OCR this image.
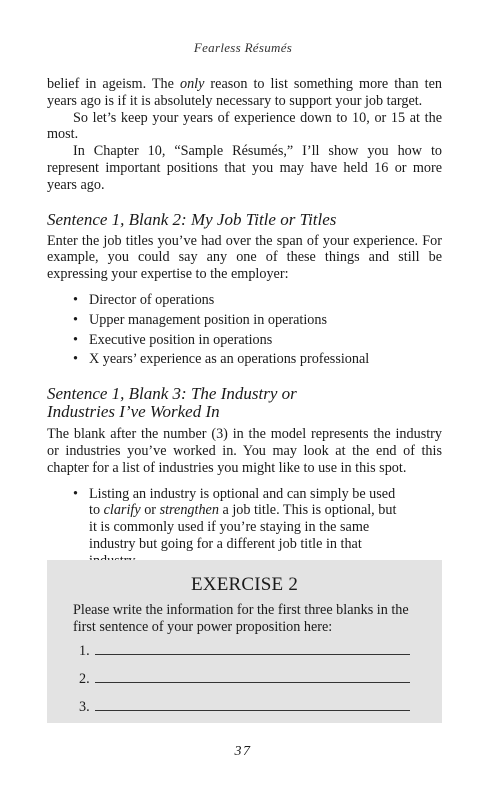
Fearless Résumés

belief in ageism. The only reason to list something more than ten years ago is if it is absolutely necessary to support your job target.

So let’s keep your years of experience down to 10, or 15 at the most.

In Chapter 10, “Sample Résumés,” I’ll show you how to represent important positions that you may have held 16 or more years ago.

Sentence 1, Blank 2: My Job Title or Titles

Enter the job titles you’ve had over the span of your experience. For example, you could say any one of these things and still be expressing your expertise to the employer:

• Director of operations
• Upper management position in operations
• Executive position in operations
• X years’ experience as an operations professional
Sentence 1, Blank 3: The Industry or
Industries I’ve Worked In

The blank after the number (3) in the model represents the industry or industries you’ve worked in. You may look at the end of this chapter for a list of industries you might like to use in this spot.

• Listing an industry is optional and can simply be used to clarify or strengthen a job title. This is optional, but it is commonly used if you’re staying in the same industry but going for a different job title in that
EXERCISE 2
Please write the information for the first three blanks in the first sentence of your power proposition here:
1.
2.
3.
37
